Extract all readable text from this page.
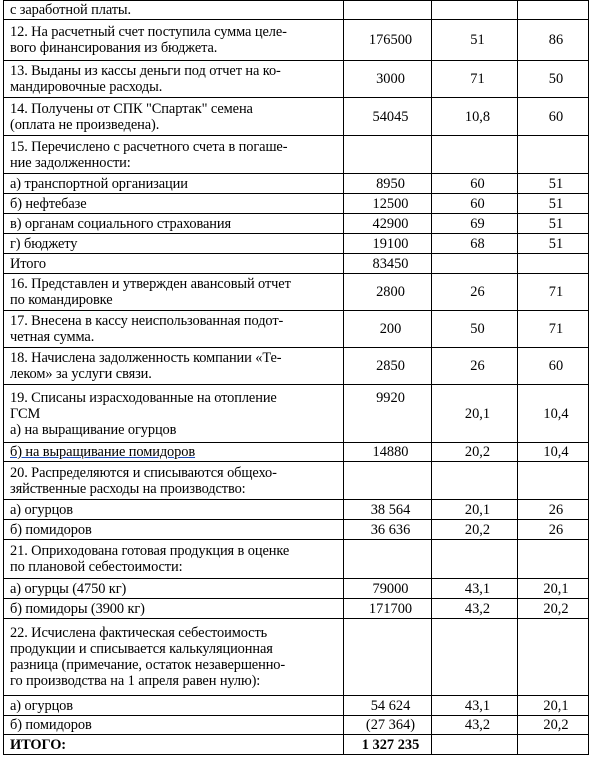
с заработной платы.			

12. На расчетный счет поступила сумма целе-
вого финансирования из бюджета.	176500	51	86

13. Выданы из кассы деньги под отчет на ко-
мандировочные расходы.	3000	71	50

14. Получены от СПК "Спартак" семена
(оплата не произведена).	54045	10,8	60

15. Перечислено с расчетного счета в погаше-
ние задолженности:			

а) транспортной организации	8950	60	51

б) нефтебазе	12500	60	51

в) органам социального страхования	42900	69	51

г) бюджету	19100	68	51

Итого	83450		

16. Представлен и утвержден авансовый отчет
по командировке	2800	26	71

17. Внесена в кассу неиспользованная подот-
четная сумма.	200	50	71

18. Начислена задолженность компании «Те-
леком» за услуги связи.	2850	26	60

19. Списаны израсходованные на отопление
ГСМ
а) на выращивание огурцов	9920	20,1	10,4

б) на выращивание помидоров	14880	20,2	10,4

20. Распределяются и списываются общехо-
зяйственные расходы на производство:			

а) огурцов	38 564	20,1	26

б) помидоров	36 636	20,2	26

21. Оприходована готовая продукция в оценке
по плановой себестоимости:			

а) огурцы (4750 кг)	79000	43,1	20,1

б) помидоры (3900 кг)	171700	43,2	20,2

22. Исчислена фактическая себестоимость
продукции и списывается калькуляционная
разница (примечание, остаток незавершенно-
го производства на 1 апреля равен нулю):			

а) огурцов	54 624	43,1	20,1

б) помидоров	(27 364)	43,2	20,2

ИТОГО:	1 327 235		
